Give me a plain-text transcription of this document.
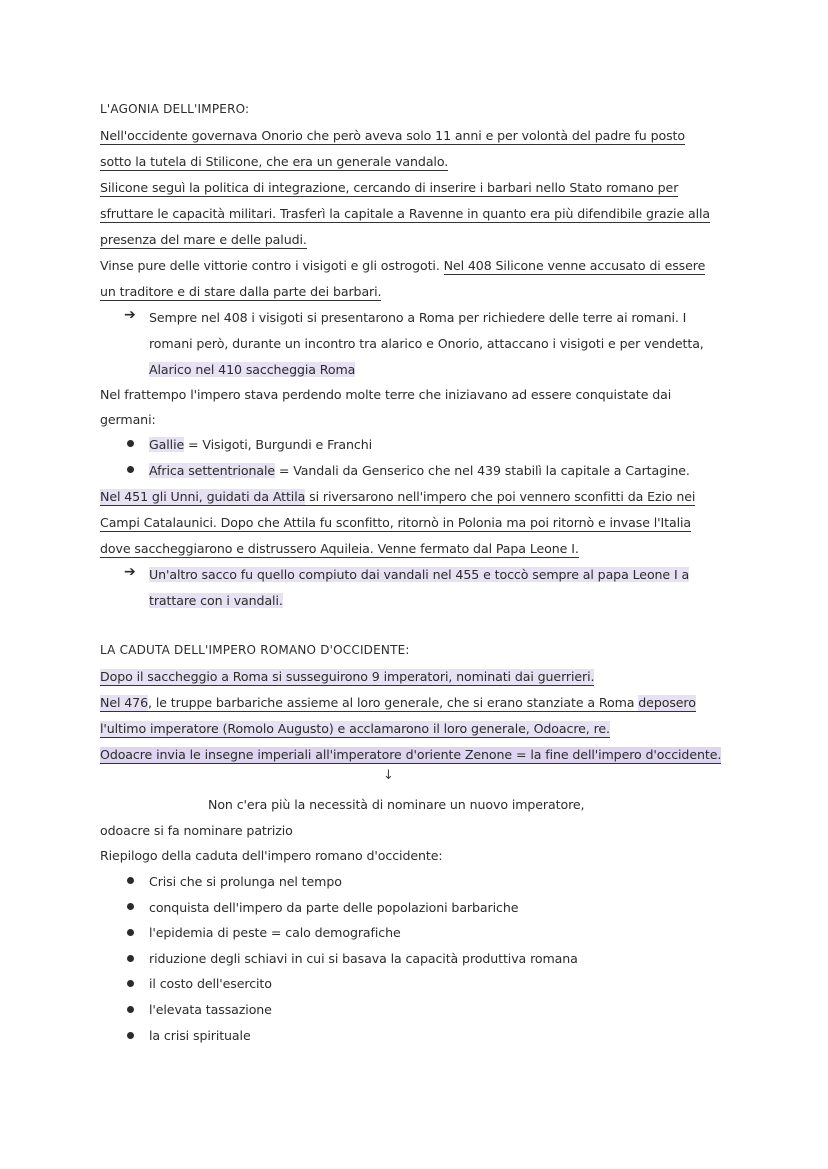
L'AGONIA DELL'IMPERO:
Nell'occidente governava Onorio che però aveva solo 11 anni e per volontà del padre fu posto
sotto la tutela di Stilicone, che era un generale vandalo.
Silicone seguì la politica di integrazione, cercando di inserire i barbari nello Stato romano per
sfruttare le capacità militari. Trasferì la capitale a Ravenne in quanto era più difendibile grazie alla
presenza del mare e delle paludi.
Vinse pure delle vittorie contro i visigoti e gli ostrogoti. Nel 408 Silicone venne accusato di essere
un traditore e di stare dalla parte dei barbari.
➔ Sempre nel 408 i visigoti si presentarono a Roma per richiedere delle terre ai romani. I
romani però, durante un incontro tra alarico e Onorio, attaccano i visigoti e per vendetta,
Alarico nel 410 saccheggia Roma
Nel frattempo l'impero stava perdendo molte terre che iniziavano ad essere conquistate dai
germani:
Gallie = Visigoti, Burgundi e Franchi
Africa settentrionale = Vandali da Genserico che nel 439 stabilì la capitale a Cartagine.
Nel 451 gli Unni, guidati da Attila si riversarono nell'impero che poi vennero sconfitti da Ezio nei
Campi Catalaunici. Dopo che Attila fu sconfitto, ritornò in Polonia ma poi ritornò e invase l'Italia
dove saccheggiarono e distrussero Aquileia. Venne fermato dal Papa Leone I.
➔ Un'altro sacco fu quello compiuto dai vandali nel 455 e toccò sempre al papa Leone I a
trattare con i vandali.
LA CADUTA DELL'IMPERO ROMANO D'OCCIDENTE:
Dopo il saccheggio a Roma si susseguirono 9 imperatori, nominati dai guerrieri.
Nel 476, le truppe barbariche assieme al loro generale, che si erano stanziate a Roma deposero
l'ultimo imperatore (Romolo Augusto) e acclamarono il loro generale, Odoacre, re.
Odoacre invia le insegne imperiali all'imperatore d'oriente Zenone = la fine dell'impero d'occidente.
↓
Non c'era più la necessità di nominare un nuovo imperatore,
odoacre si fa nominare patrizio
Riepilogo della caduta dell'impero romano d'occidente:
Crisi che si prolunga nel tempo
conquista dell'impero da parte delle popolazioni barbariche
l'epidemia di peste = calo demografiche
riduzione degli schiavi in cui si basava la capacità produttiva romana
il costo dell'esercito
l'elevata tassazione
la crisi spirituale
